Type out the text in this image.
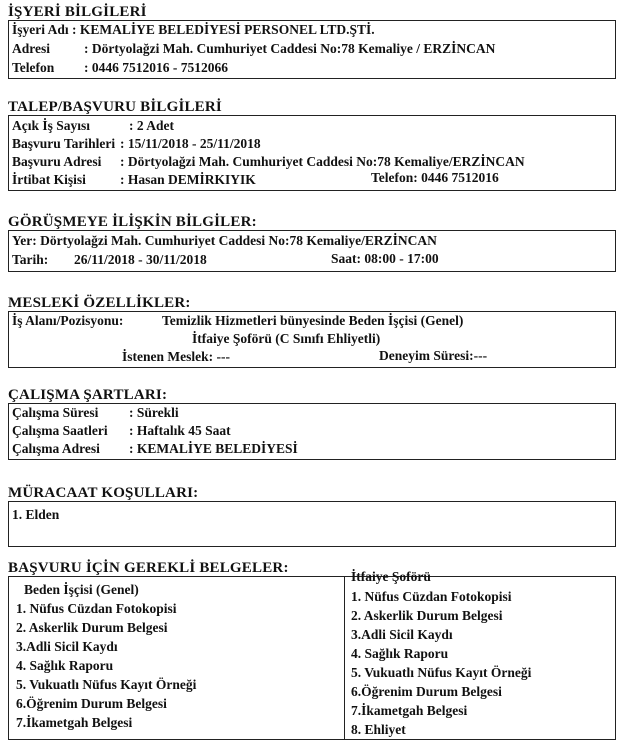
İŞYERİ BİLGİLERİ
İşyeri Adı : KEMALİYE BELEDİYESİ PERSONEL LTD.ŞTİ.
Adresi	: Dörtyolağzi Mah. Cumhuriyet Caddesi No:78 Kemaliye / ERZİNCAN
Telefon : 0446 7512016 - 7512066
TALEP/BAŞVURU BİLGİLERİ
Açık İş Sayısı	: 2 Adet
Başvuru Tarihleri : 15/11/2018 - 25/11/2018
Başvuru Adresi : Dörtyolağzi Mah. Cumhuriyet Caddesi No:78 Kemaliye/ERZİNCAN
İrtibat Kişisi	: Hasan DEMİRKIYIK	Telefon: 0446 7512016
GÖRÜŞMEYE İLİŞKİN BİLGİLER:
Yer: Dörtyolağzi Mah. Cumhuriyet Caddesi No:78 Kemaliye/ERZİNCAN
Tarih: 26/11/2018 - 30/11/2018	Saat: 08:00 - 17:00
MESLEKİ ÖZELLİKLER:
İş Alanı/Pozisyonu:	Temizlik Hizmetleri bünyesinde Beden İşçisi (Genel)
İtfaiye Şoförü (C Sınıfı Ehliyetli)
İstenen Meslek: ---	Deneyim Süresi:---
ÇALIŞMA ŞARTLARI:
Çalışma Süresi : Sürekli
Çalışma Saatleri : Haftalık 45 Saat
Çalışma Adresi : KEMALİYE BELEDİYESİ
MÜRACAAT KOŞULLARI:
1. Elden
BAŞVURU İÇİN GEREKLİ BELGELER:
Beden İşçisi (Genel)
1. Nüfus Cüzdan Fotokopisi
2. Askerlik Durum Belgesi
3.Adli Sicil Kaydı
4. Sağlık Raporu
5. Vukuatlı Nüfus Kayıt Örneği
6.Öğrenim Durum Belgesi
7.İkametgah Belgesi
İtfaiye Şoförü
1. Nüfus Cüzdan Fotokopisi
2. Askerlik Durum Belgesi
3.Adli Sicil Kaydı
4. Sağlık Raporu
5. Vukuatlı Nüfus Kayıt Örneği
6.Öğrenim Durum Belgesi
7.İkametgah Belgesi
8. Ehliyet
